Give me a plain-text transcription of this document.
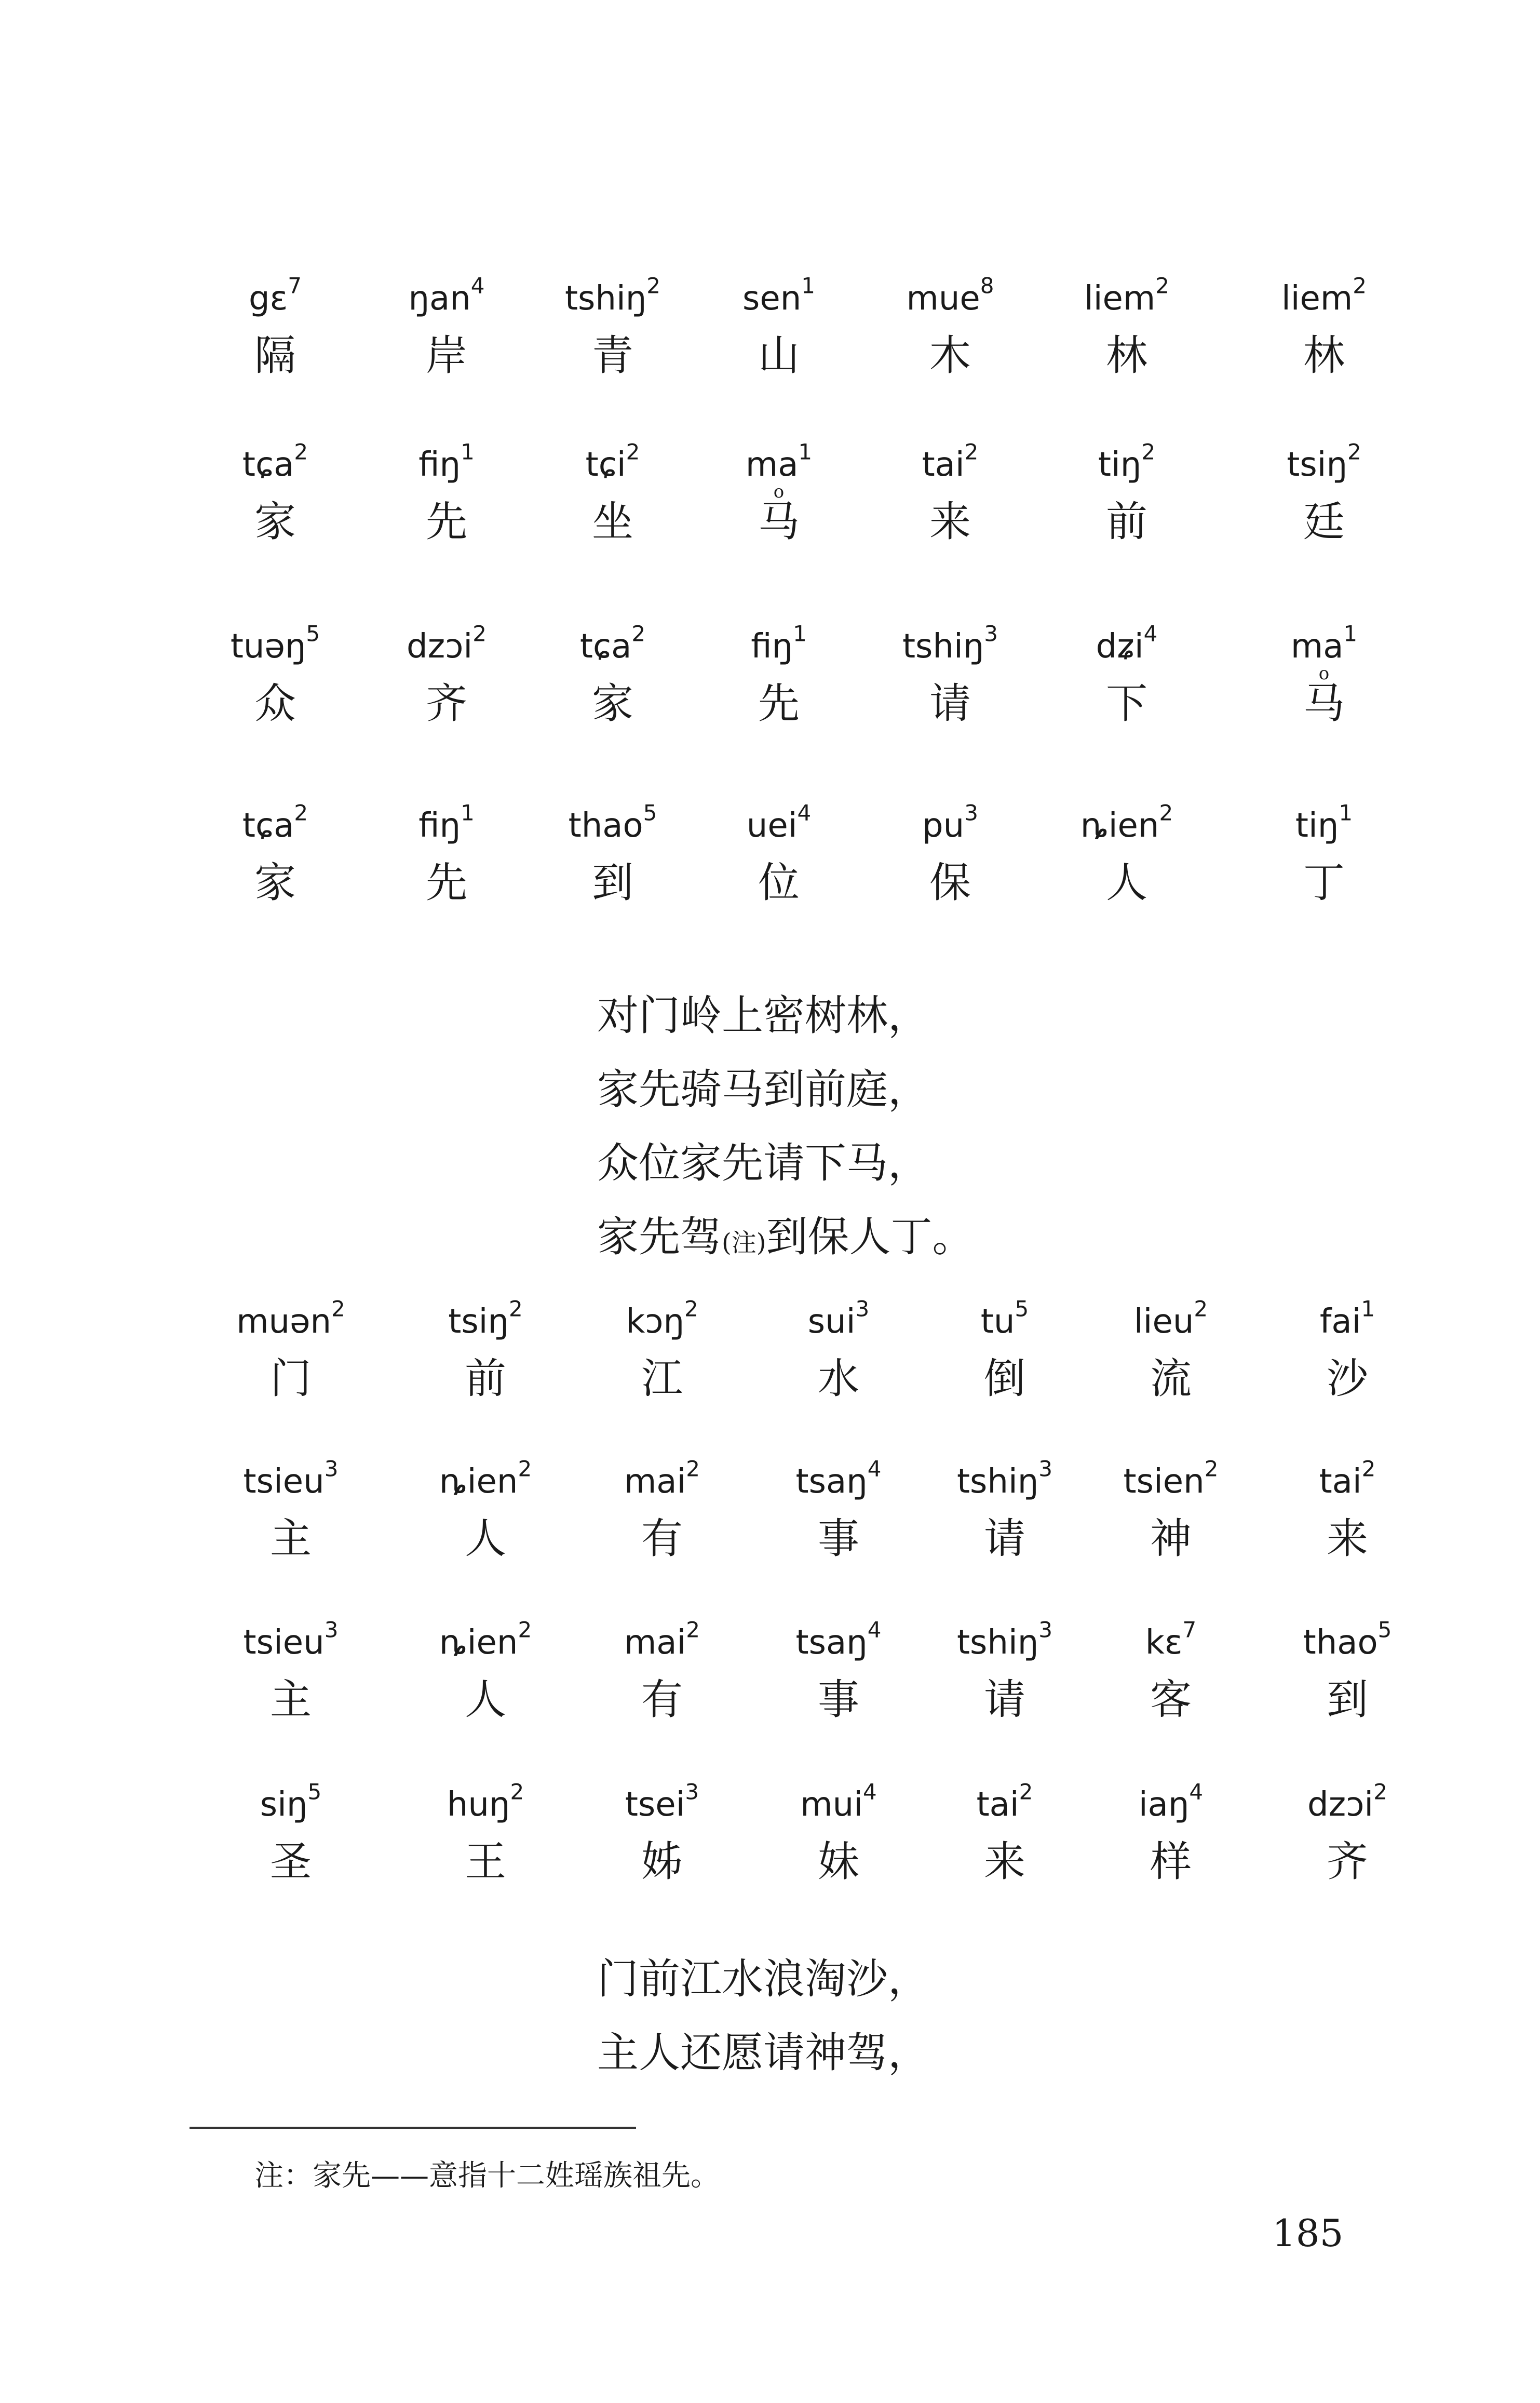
$g\varepsilon^7$	ŋan$^4$	tshiŋ$^2$	sen$^1$	mue$^8$	liem$^2$	liem$^2$
隔	岸	青	山	木	林	林
tɕa$^2$	fiŋ$^1$	tɕi$^2$	$ma^1$	tai$^2$	tiŋ$^2$	tsiŋ$^2$
家	先	坐	马	来	前	廷
o
tuəŋ$^5$	dzɔi$^2$	tɕa$^2$	fiŋ$^1$	tshiŋ$^3$	dʑi$^4$	$ma^1$
众	齐	家	先	请	下	马
o
tɕa$^2$	fiŋ$^1$	thao$^5$	uei$^4$	$pu^3$	ȵien$^2$	tiŋ$^1$
家	先	到	位	保	人	丁
对门岭上密树林，
家先骑马到前庭，
众位家先请下马，
家先驾(注)到保人丁。
muən$^2$	tsiŋ$^2$	kɔŋ$^2$	sui$^3$	$tu^5$	lieu$^2$	fai$^1$
门	前	江	水	倒	流	沙
tsieu$^3$	ȵien$^2$	mai$^2$	tsaŋ$^4$	tshiŋ$^3$	tsien$^2$	tai$^2$
主	人	有	事	请	神	来
tsieu$^3$	ȵien$^2$	mai$^2$	tsaŋ$^4$	tshiŋ$^3$	$k\varepsilon^7$	thao$^5$
主	人	有	事	请	客	到
siŋ$^5$	huŋ$^2$	tsei$^3$	mui$^4$	tai$^2$	iaŋ$^4$	dzɔi$^2$
圣	王	姊	妹	来	样	齐
门前江水浪淘沙，
主人还愿请神驾，
注：家先——意指十二姓瑶族祖先。
185
